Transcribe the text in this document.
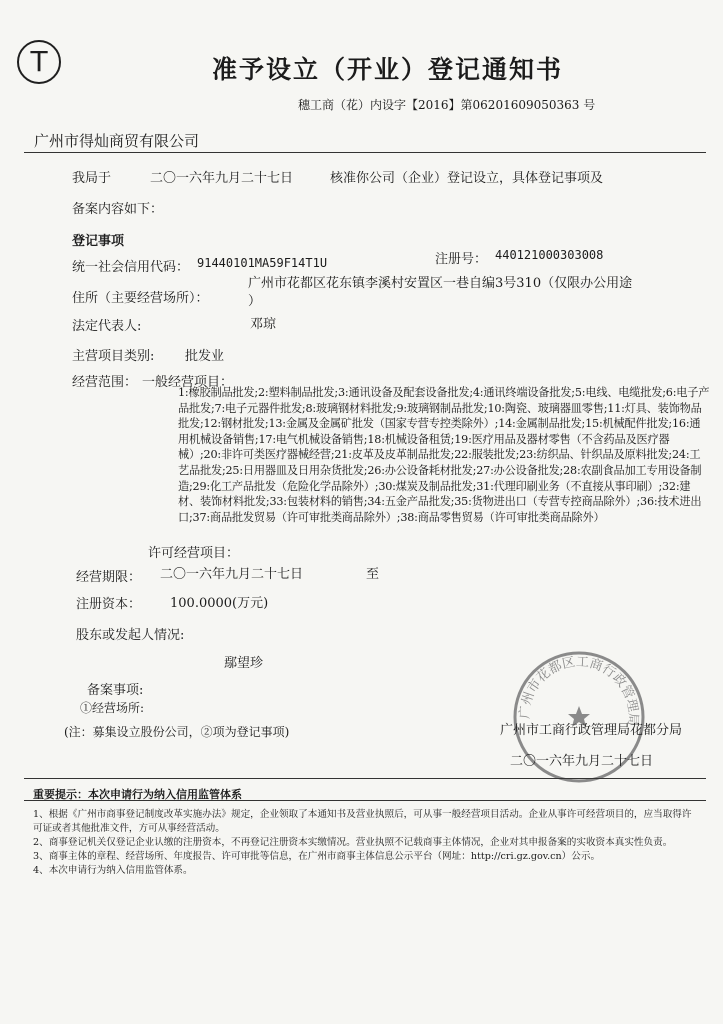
T	准予设立（开业）登记通知书
穗工商（花）内设字【2016】第06201609050363 号
广州市得灿商贸有限公司
我局于	二〇一六年九月二十七日	核准你公司（企业）登记设立，具体登记事项及
备案内容如下：
登记事项
统一社会信用代码： 91440101MA59F14T1U	注册号： 440121000303008
住所（主要经营场所）：
广州市花都区花东镇李溪村安置区一巷自编3号310（仅限办公用途
）
法定代表人:	邓琼
主营项目类别: 批发业
经营范围： 一般经营项目：
1:橡胶制品批发;2:塑料制品批发;3:通讯设备及配套设备批发;4:通讯终端设备批发;5:电线、电缆批发;6:电子产品批发;7:电子元器件批发;8:玻璃钢材料批发;9:玻璃钢制品批发;10:陶瓷、玻璃器皿零售;11:灯具、装饰物品批发;12:钢材批发;13:金属及金属矿批发（国家专营专控类除外）;14:金属制品批发;15:机械配件批发;16:通用机械设备销售;17:电气机械设备销售;18:机械设备租赁;19:医疗用品及器材零售（不含药品及医疗器械）;20:非许可类医疗器械经营;21:皮革及皮革制品批发;22:服装批发;23:纺织品、针织品及原料批发;24:工艺品批发;25:日用器皿及日用杂货批发;26:办公设备耗材批发;27:办公设备批发;28:农副食品加工专用设备制造;29:化工产品批发（危险化学品除外）;30:煤炭及制品批发;31:代理印刷业务（不直接从事印刷）;32:建材、装饰材料批发;33:包装材料的销售;34:五金产品批发;35:货物进出口（专营专控商品除外）;36:技术进出口;37:商品批发贸易（许可审批类商品除外）;38:商品零售贸易（许可审批类商品除外）
许可经营项目：
经营期限： 二〇一六年九月二十七日	至
注册资本： 100.0000(万元)
股东或发起人情况:
鄢望珍
备案事项:
①经营场所:
(注：募集设立股份公司，②项为登记事项)
广州市花都区工商行政管理局
广州市工商行政管理局花都分局
二〇一六年九月二十七日
重要提示：本次申请行为纳入信用监管体系
1、根据《广州市商事登记制度改革实施办法》规定，企业领取了本通知书及营业执照后，可从事一般经营项目活动。企业从事许可经营项目的，应当取得许可证或者其他批准文件，方可从事经营活动。
2、商事登记机关仅登记企业认缴的注册资本，不再登记注册资本实缴情况。营业执照不记载商事主体情况，企业对其申报备案的实收资本真实性负责。
3、商事主体的章程、经营场所、年度报告、许可审批等信息，在广州市商事主体信息公示平台（网址：http://cri.gz.gov.cn）公示。
4、本次申请行为纳入信用监管体系。
